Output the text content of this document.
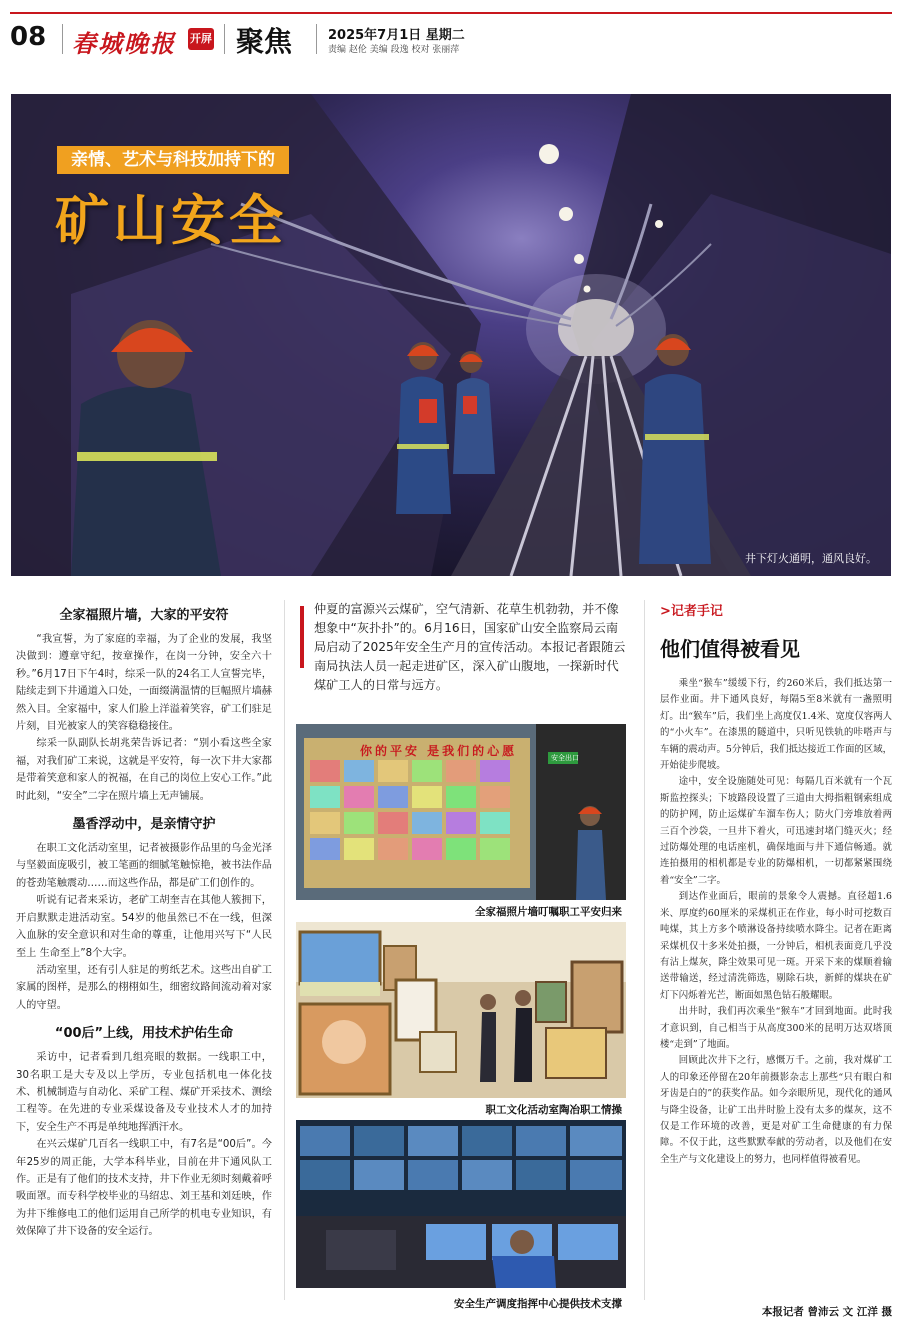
08 春城晚报 开屏 聚焦	2025年7月1日 星期二
责编 赵伦 美编 段逸 校对 张丽萍
亲情、艺术与科技加持下的
矿山安全
井下灯火通明，通风良好。
全家福照片墙，大家的平安符

“我宣誓，为了家庭的幸福，为了企业的发展，我坚决做到：遵章守纪，按章操作，在岗一分钟，安全六十秒。”6月17日下午4时，综采一队的24名工人宣誓完毕，陆续走到下井通道入口处，一面缀满温情的巨幅照片墙赫然入目。全家福中，家人们脸上洋溢着笑容，矿工们驻足片刻，目光被家人的笑容稳稳接住。

综采一队副队长胡兆荣告诉记者：“别小看这些全家福，对我们矿工来说，这就是平安符，每一次下井大家都是带着笑意和家人的祝福，在自己的岗位上安心工作。”此时此刻，“安全”二字在照片墙上无声铺展。

墨香浮动中，是亲情守护

在职工文化活动室里，记者被摄影作品里的乌金光泽与坚毅面庞吸引，被工笔画的细腻笔触惊艳，被书法作品的苍劲笔触震动……而这些作品，都是矿工们创作的。

听说有记者来采访，老矿工胡奎吉在其他人簇拥下，开启默默走进活动室。54岁的他虽然已不在一线，但深入血脉的安全意识和对生命的尊重，让他用兴写下“人民至上 生命至上”8个大字。

活动室里，还有引人驻足的剪纸艺术。这些出自矿工家属的图样，是那么的栩栩如生，细密纹路间流动着对家人的守望。

“00后”上线，用技术护佑生命

采访中，记者看到几组亮眼的数据。一线职工中，30名职工是大专及以上学历，专业包括机电一体化技术、机械制造与自动化、采矿工程、煤矿开采技术、测绘工程等。在先进的专业采煤设备及专业技术人才的加持下，安全生产不再是单纯地挥洒汗水。

在兴云煤矿几百名一线职工中，有7名是“00后”。今年25岁的周正能，大学本科毕业，目前在井下通风队工作。正是有了他们的技术支持，井下作业无须时刻戴着呼吸面罩。而专科学校毕业的马绍忠、刘王基和刘廷映，作为井下维修电工的他们运用自己所学的机电专业知识，有效保障了井下设备的安全运行。

仲夏的富源兴云煤矿，空气清新、花草生机勃勃，并不像想象中“灰扑扑”的。6月16日，国家矿山安全监察局云南局启动了2025年安全生产月的宣传活动。本报记者跟随云南局执法人员一起走进矿区，深入矿山腹地，一探新时代煤矿工人的日常与远方。
你的平安 是我们的心愿	安全出口
全家福照片墙叮嘱职工平安归来
职工文化活动室陶冶职工情操
安全生产调度指挥中心提供技术支撑
>记者手记
他们值得被看见

乘坐“猴车”缓缓下行，约260米后，我们抵达第一层作业面。井下通风良好，每隔5至8米就有一盏照明灯。出“猴车”后，我们坐上高度仅1.4米、宽度仅容两人的“小火车”。在漆黑的隧道中，只听见铁轨的咔嗒声与车辆的震动声。5分钟后，我们抵达接近工作面的区域，开始徒步爬坡。

途中，安全设施随处可见：每隔几百米就有一个瓦斯监控探头；下坡路段设置了三道由大拇指粗钢索组成的防护网，防止运煤矿车溜车伤人；防火门旁堆放着两三百个沙袋，一旦井下着火，可迅速封堵门缝灭火；经过防爆处理的电话座机，确保地面与井下通信畅通。就连拍摄用的相机都是专业的防爆相机，一切都紧紧围绕着“安全”二字。

到达作业面后，眼前的景象令人震撼。直径超1.6米、厚度约60厘米的采煤机正在作业，每小时可挖数百吨煤，其上方多个喷淋设备持续喷水降尘。记者在距离采煤机仅十多米处拍摄，一分钟后，相机表面竟几乎没有沾上煤灰，降尘效果可见一斑。开采下来的煤顺着输送带输送，经过清洗筛选，剔除石块，新鲜的煤块在矿灯下闪烁着光芒，断面如黑色钻石般耀眼。

出井时，我们再次乘坐“猴车”才回到地面。此时我才意识到，自己相当于从高度300米的昆明万达双塔顶楼“走到”了地面。

回顾此次井下之行，感慨万千。之前，我对煤矿工人的印象还停留在20年前摄影杂志上那些“只有眼白和牙齿是白的”的获奖作品。如今亲眼所见，现代化的通风与降尘设备，让矿工出井时脸上没有太多的煤灰，这不仅是工作环境的改善，更是对矿工生命健康的有力保障。不仅于此，这些默默奉献的劳动者，以及他们在安全生产与文化建设上的努力，也同样值得被看见。

本报记者 曾沛云 文 江洋 摄
